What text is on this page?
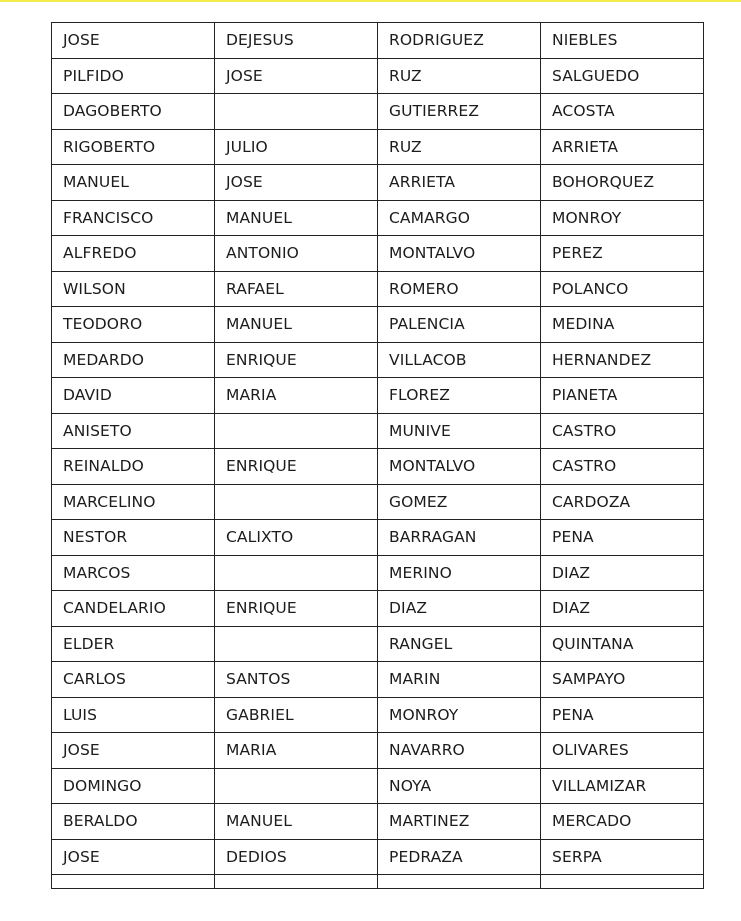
JOSE	DEJESUS	RODRIGUEZ	NIEBLES
PILFIDO	JOSE	RUZ	SALGUEDO
DAGOBERTO		GUTIERREZ	ACOSTA
RIGOBERTO	JULIO	RUZ	ARRIETA
MANUEL	JOSE	ARRIETA	BOHORQUEZ
FRANCISCO	MANUEL	CAMARGO	MONROY
ALFREDO	ANTONIO	MONTALVO	PEREZ
WILSON	RAFAEL	ROMERO	POLANCO
TEODORO	MANUEL	PALENCIA	MEDINA
MEDARDO	ENRIQUE	VILLACOB	HERNANDEZ
DAVID	MARIA	FLOREZ	PIANETA
ANISETO		MUNIVE	CASTRO
REINALDO	ENRIQUE	MONTALVO	CASTRO
MARCELINO		GOMEZ	CARDOZA
NESTOR	CALIXTO	BARRAGAN	PENA
MARCOS		MERINO	DIAZ
CANDELARIO	ENRIQUE	DIAZ	DIAZ
ELDER		RANGEL	QUINTANA
CARLOS	SANTOS	MARIN	SAMPAYO
LUIS	GABRIEL	MONROY	PENA
JOSE	MARIA	NAVARRO	OLIVARES
DOMINGO		NOYA	VILLAMIZAR
BERALDO	MANUEL	MARTINEZ	MERCADO
JOSE	DEDIOS	PEDRAZA	SERPA
